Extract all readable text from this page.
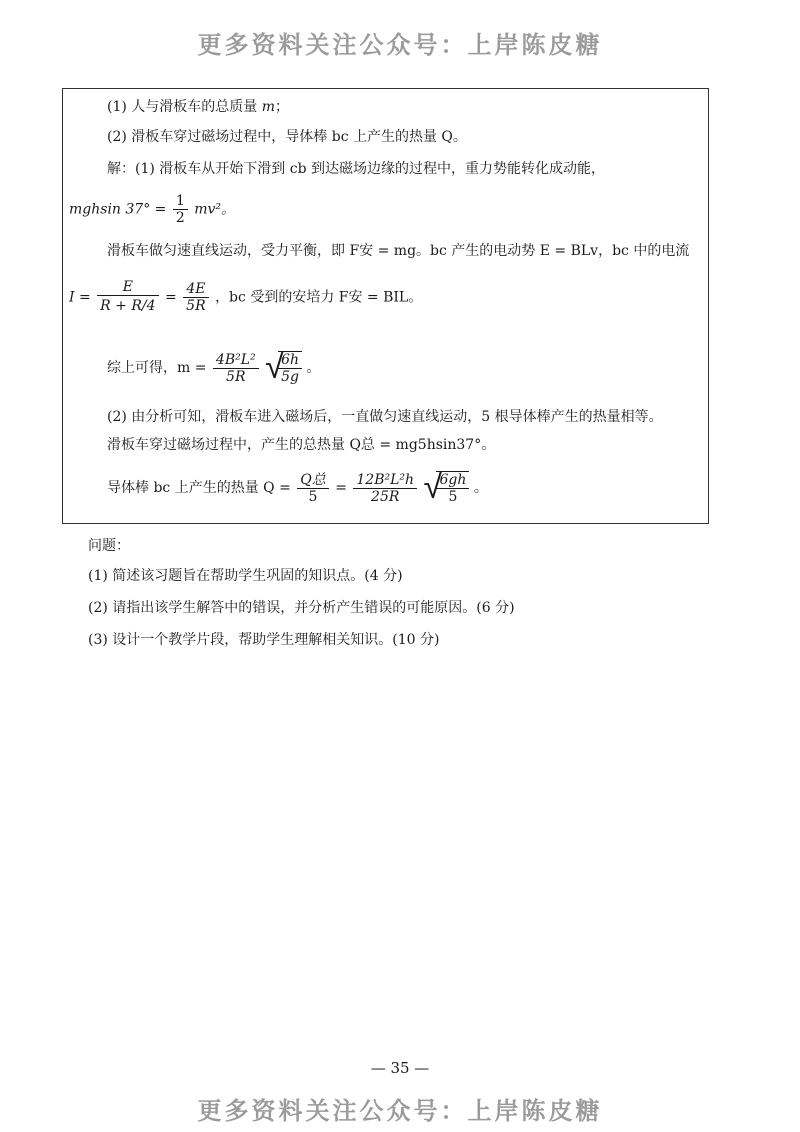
更多资料关注公众号：上岸陈皮糖
(1) 人与滑板车的总质量 m；
(2) 滑板车穿过磁场过程中，导体棒 bc 上产生的热量 Q。
解：(1) 滑板车从开始下滑到 cb 到达磁场边缘的过程中，重力势能转化成动能，
mghsin $37^\circ = \frac{1}{2} mv^2$。
滑板车做匀速直线运动，受力平衡，即 F安 = mg。bc 产生的电动势 E = BLv，bc 中的电流
$I = \frac{E}{R + R/4} = \frac{4E}{5R}$ ，bc 受到的安培力 F安 = BIL。
综上可得，$m = \frac{\text{4B²L²}}{5R}$
√ $\frac{6h}{5g}$ 。
(2) 由分析可知，滑板车进入磁场后，一直做匀速直线运动，5 根导体棒产生的热量相等。
滑板车穿过磁场过程中，产生的总热量 Q总 = mg5hsin37°。
导体棒 bc 上产生的热量 $Q = \frac{\text{Q总}}{5} = \frac{\text{12B²L²h}}{25R}$
√ $\frac{6gh}{5}$ 。
问题：
(1) 简述该习题旨在帮助学生巩固的知识点。(4 分)
(2) 请指出该学生解答中的错误，并分析产生错误的可能原因。(6 分)
(3) 设计一个教学片段，帮助学生理解相关知识。(10 分)
— 35 —
更多资料关注公众号：上岸陈皮糖
